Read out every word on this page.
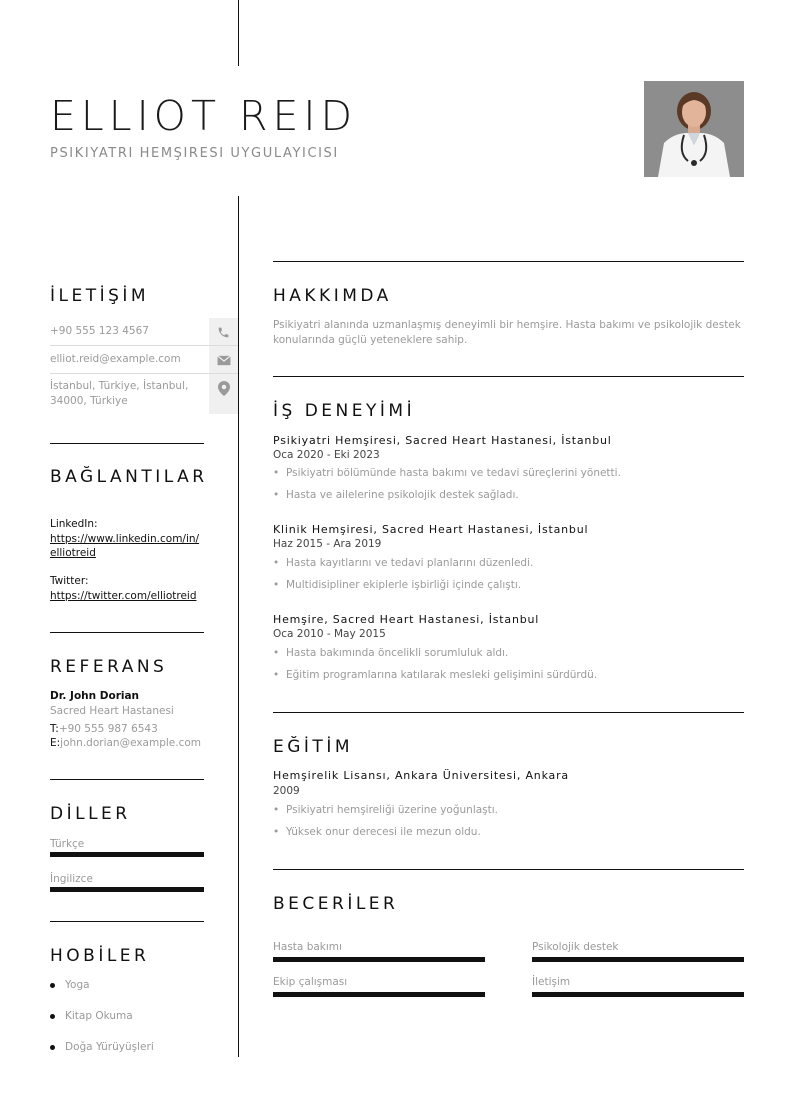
ELLIOT REID
PSIKIYATRI HEMŞIRESI UYGULAYICISI
İLETİŞİM
+90 555 123 4567
elliot.reid@example.com
İstanbul, Türkiye, İstanbul, 34000, Türkiye
BAĞLANTILAR
LinkedIn:
https://www.linkedin.com/in/elliotreid
Twitter:
https://twitter.com/elliotreid
REFERANS
Dr. John Dorian
Sacred Heart Hastanesi
T:+90 555 987 6543
E:john.dorian@example.com
DİLLER
Türkçe
İngilizce
HOBİLER
Yoga
Kitap Okuma
Doğa Yürüyüşleri
HAKKIMDA
Psikiyatri alanında uzmanlaşmış deneyimli bir hemşire. Hasta bakımı ve psikolojik destek konularında güçlü yeteneklere sahip.
İŞ DENEYİMİ
Psikiyatri Hemşiresi, Sacred Heart Hastanesi, İstanbul
Oca 2020 - Eki 2023
• Psikiyatri bölümünde hasta bakımı ve tedavi süreçlerini yönetti.
• Hasta ve ailelerine psikolojik destek sağladı.
Klinik Hemşiresi, Sacred Heart Hastanesi, İstanbul
Haz 2015 - Ara 2019
• Hasta kayıtlarını ve tedavi planlarını düzenledi.
• Multidisipliner ekiplerle işbirliği içinde çalıştı.
Hemşire, Sacred Heart Hastanesi, İstanbul
Oca 2010 - May 2015
• Hasta bakımında öncelikli sorumluluk aldı.
• Eğitim programlarına katılarak mesleki gelişimini sürdürdü.
EĞİTİM
Hemşirelik Lisansı, Ankara Üniversitesi, Ankara
2009
• Psikiyatri hemşireliği üzerine yoğunlaştı.
• Yüksek onur derecesi ile mezun oldu.
BECERİLER
Hasta bakımı	Psikolojik destek
Ekip çalışması	İletişim
